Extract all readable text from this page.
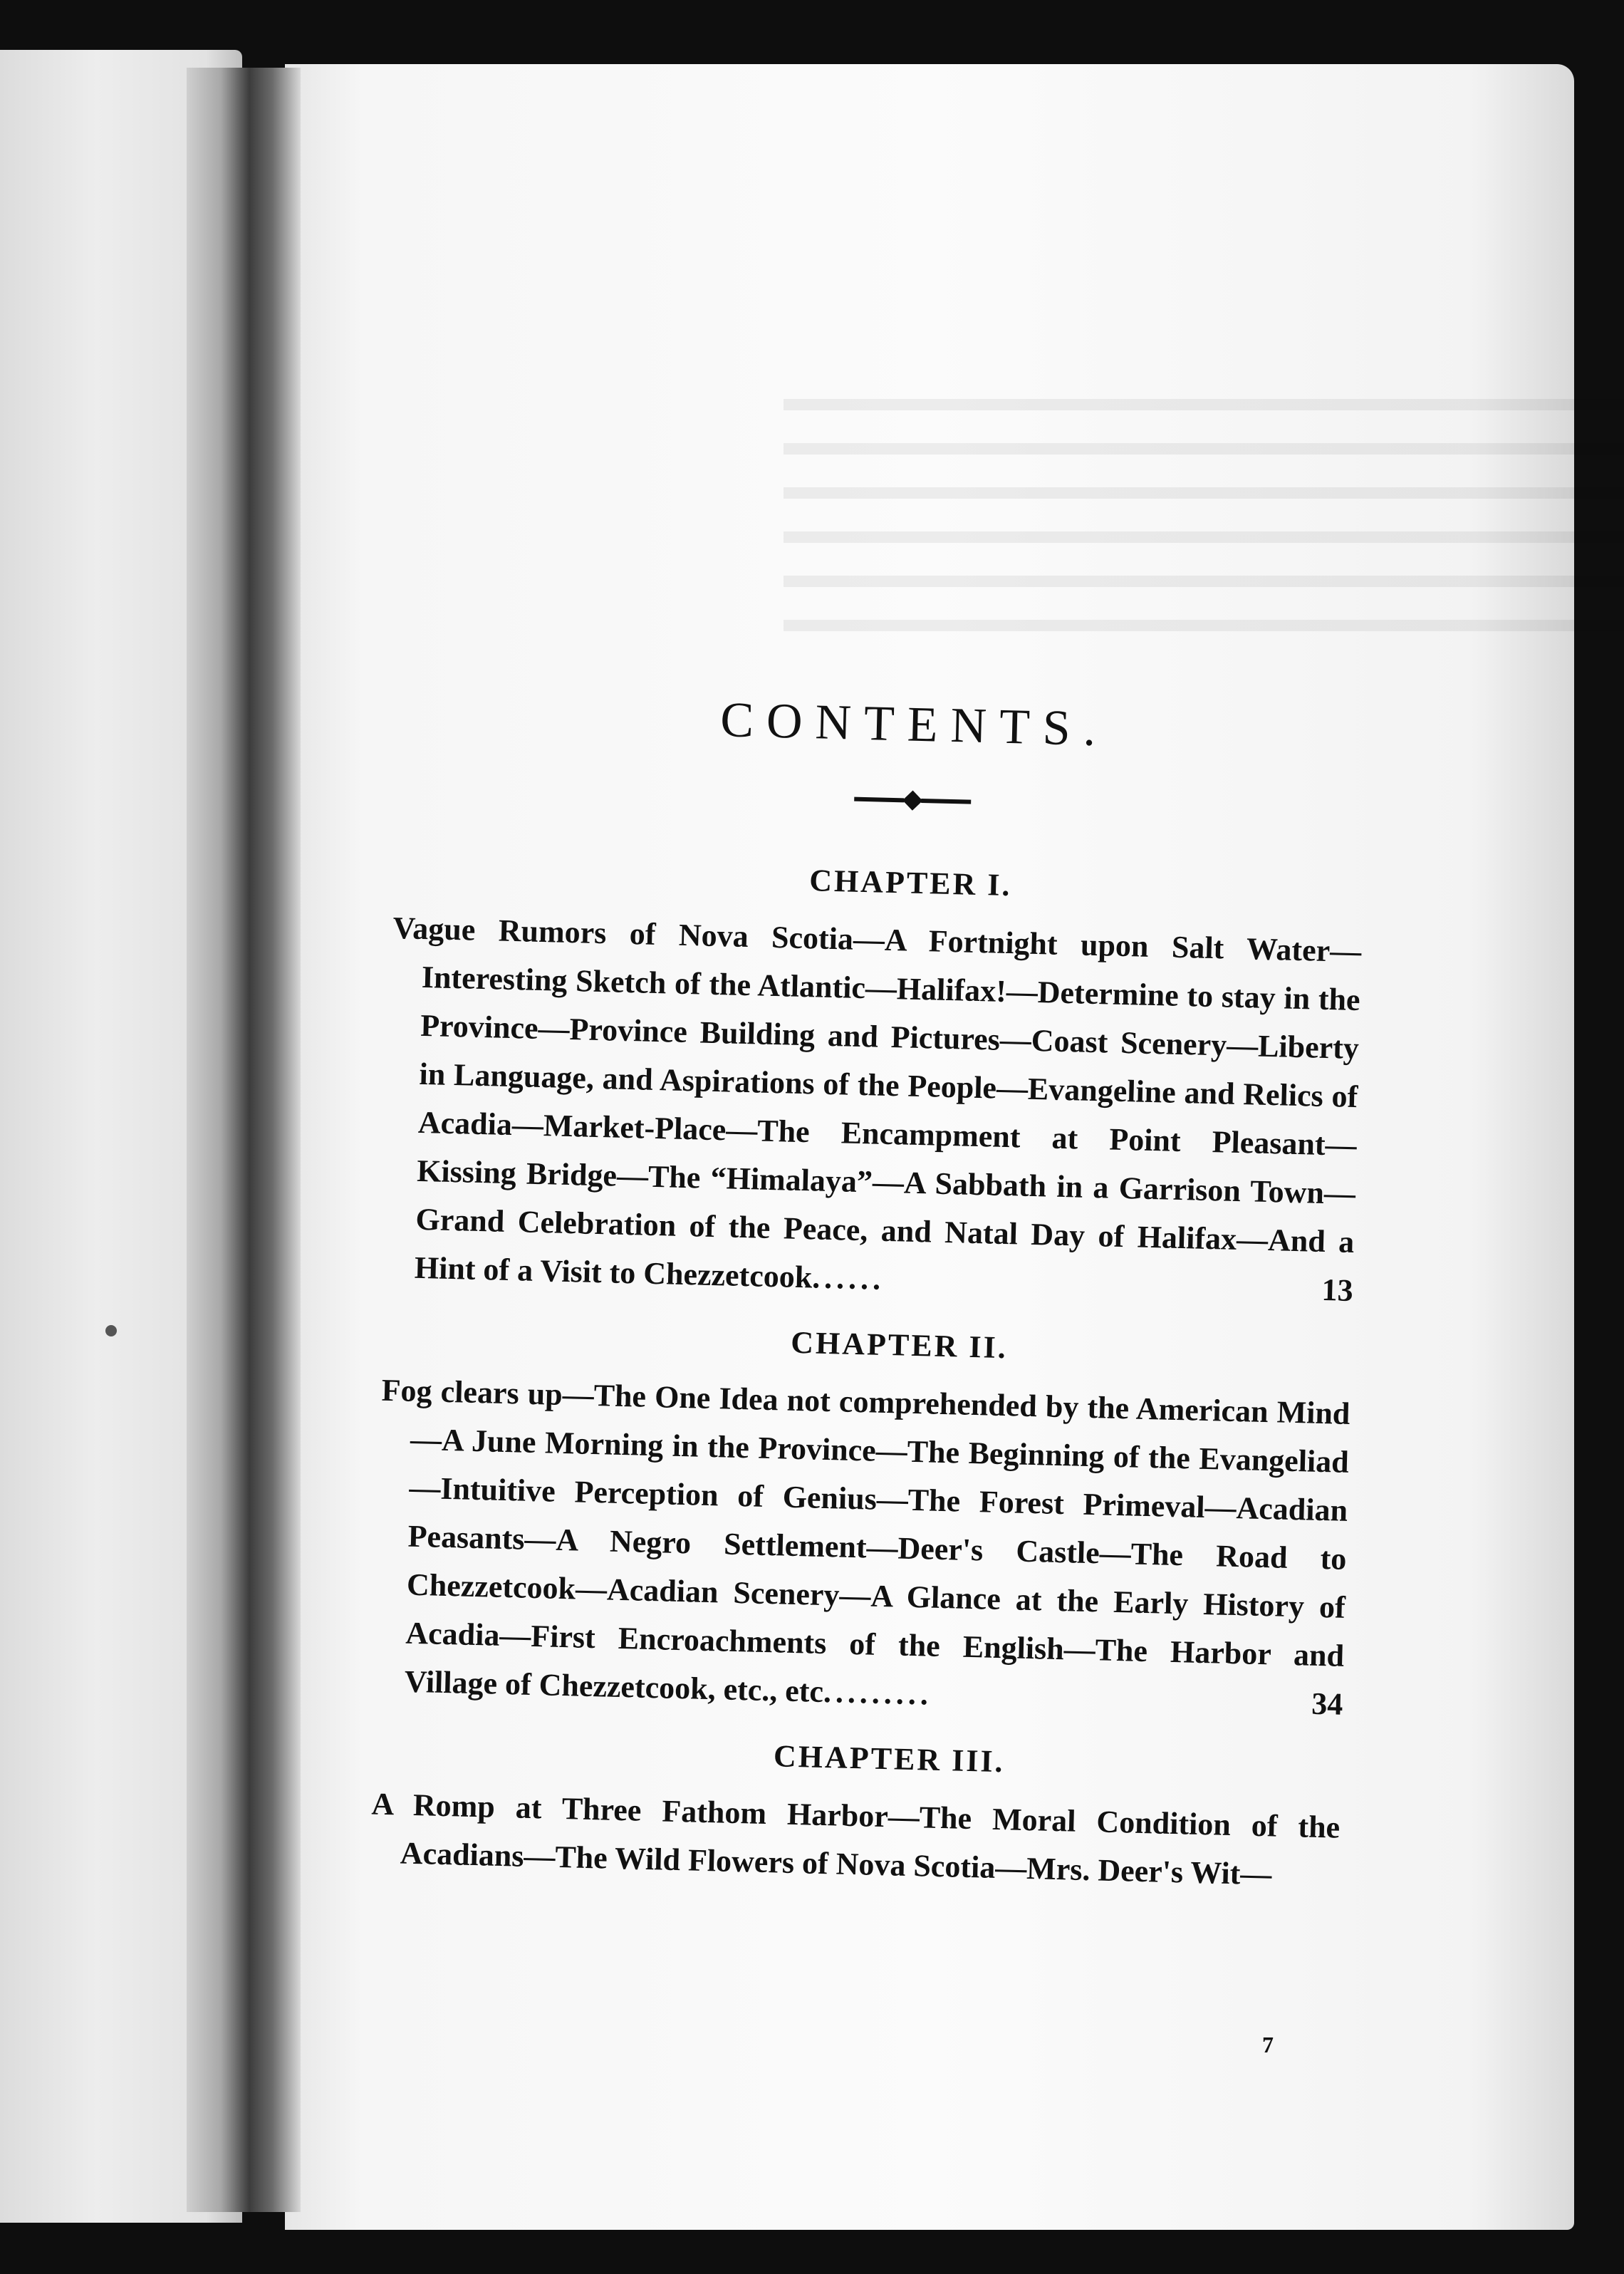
CONTENTS.
CHAPTER I.

Vague Rumors of Nova Scotia—A Fortnight upon Salt Water—Interesting Sketch of the Atlantic—Halifax!—Determine to stay in the Province—Province Building and Pictures—Coast Scenery—Liberty in Language, and Aspirations of the People—Evangeline and Relics of Acadia—Market-Place—The Encampment at Point Pleasant—Kissing Bridge—The “Himalaya”—A Sabbath in a Garrison Town—Grand Celebration of the Peace, and Natal Day of Halifax—And a Hint of a Visit to Chezzetcook......	13

CHAPTER II.

Fog clears up—The One Idea not comprehended by the American Mind—A June Morning in the Province—The Beginning of the Evangeliad—Intuitive Perception of Genius—The Forest Primeval—Acadian Peasants—A Negro Settlement—Deer's Castle—The Road to Chezzetcook—Acadian Scenery—A Glance at the Early History of Acadia—First Encroachments of the English—The Harbor and Village of Chezzetcook, etc., etc.........	34

CHAPTER III.

A Romp at Three Fathom Harbor—The Moral Condition of the Acadians—The Wild Flowers of Nova Scotia—Mrs. Deer's Wit—

7
